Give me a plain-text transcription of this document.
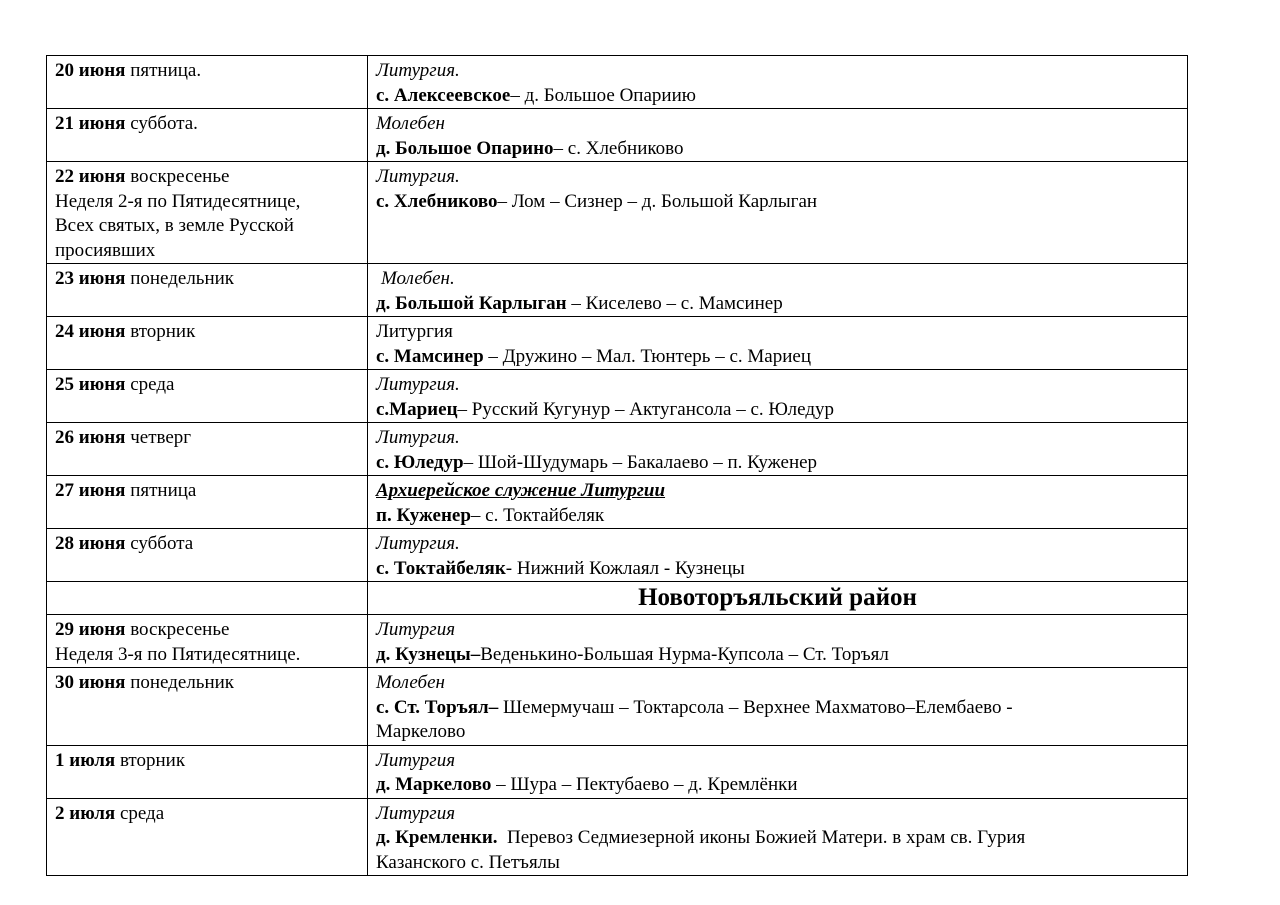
20 июня пятница.	Литургия.
с. Алексеевское– д. Большое Опариию

21 июня суббота.	Молебен
д. Большое Опарино– с. Хлебниково

22 июня воскресенье
Неделя 2-я по Пятидесятнице,
Всех святых, в земле Русской
просиявших	Литургия.
с. Хлебниково– Лом – Сизнер – д. Большой Карлыган

23 июня понедельник	Молебен.
д. Большой Карлыган – Киселево – с. Мамсинер

24 июня вторник	Литургия
с. Мамсинер – Дружино – Мал. Тюнтерь – с. Мариец

25 июня среда	Литургия.
с.Мариец– Русский Кугунур – Актугансола – с. Юледур

26 июня четверг	Литургия.
с. Юледур– Шой-Шудумарь – Бакалаево – п. Куженер

27 июня пятница	Архиерейское служение Литургии
п. Куженер– с. Токтайбеляк

28 июня суббота	Литургия.
с. Токтайбеляк- Нижний Кожлаял - Кузнецы

	Новоторъяльский район

29 июня воскресенье
Неделя 3-я по Пятидесятнице.	Литургия
д. Кузнецы–Веденькино-Большая Нурма-Купсола – Ст. Торъял

30 июня понедельник	Молебен
с. Ст. Торъял– Шемермучаш – Токтарсола – Верхнее Махматово–Елембаево -
Маркелово

1 июля вторник	Литургия
д. Маркелово – Шура – Пектубаево – д. Кремлёнки

2 июля среда	Литургия
д. Кремленки.  Перевоз Седмиезерной иконы Божией Матери. в храм св. Гурия
Казанского с. Петъялы
